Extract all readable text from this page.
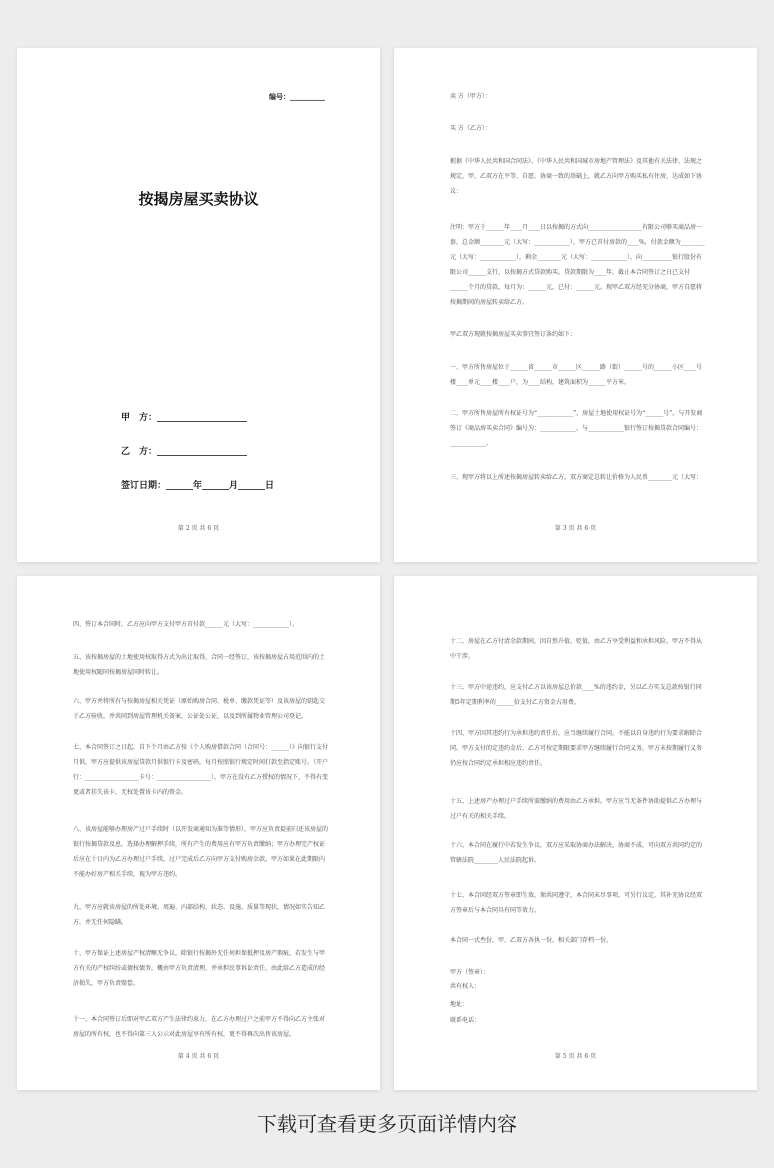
编号：__________
按揭房屋买卖协议
甲　方：____________________
乙　方：____________________
签订日期：______年______月______日
第 2 页 共 6 页
卖 方（甲方）：
买 方（乙方）：
根据《中华人民共和国合同法》、《中华人民共和国城市房地产管理法》及其他有关法律、法规之规定，甲、乙双方在平等、自愿、协商一致的基础上，就乙方向甲方购买私有住房，达成如下协议：
注明：甲方于______年____月____日以按揭的方式向__________________有限公司够买商品房一套，总金额________元（大写：____________），甲方已首付房款的____%，付款金额为________元（大写：____________），剩余________元（大写：____________），向__________银行股份有限公司______支行，以按揭方式贷款购买。贷款期限为____年，截止本合同签订之日已支付______个月的贷款，每月为：______元，已付：______元。现甲乙双方经充分协商，甲方自愿将按揭期间的房屋转卖给乙方。
甲乙双方现就按揭房屋买卖事宜签订条约如下：
一、甲方所售房屋位于______省______市______区______路（街）______号的______小区____号楼____单元____楼____户，为____结构，建筑面积为______平方米。
二、甲方所售房屋所有权证号为“____________”，房屋土地使用权证号为“______号”。与开发商签订《商品房买卖合同》编号为：____________，与____________银行签订按揭贷款合同编号：____________。
三、现甲方将以上所述按揭房屋转卖给乙方，双方商定总转让价格为人民币________元（大写：
第 3 页 共 6 页
四、签订本合同时，乙方应向甲方支付甲方首付款______元（大写：____________）。
五、该按揭房屋的土地使用权取得方式为出让取得，合同一经签订，该按揭房屋占用范围内的土地使用权随同按揭房屋同时转让。
六、甲方并将所有与按揭房屋相关凭证（原始购房合同、税单、缴款凭证等）及该房屋的钥匙交于乙方验收，并共同到房屋管理机关备案，公证处公证，以及到所属物业管理公司登记。
七、本合同签订之日起，自下个月由乙方按《个人购房借款合同（合同号：______）》向银行支付月供，甲方应提供该房屋贷款月供银行卡及密码，每月按照银行规定时间打款至指定账号。（开户行：__________________卡号：__________________），甲方在没有乙方授权的情况下，不得有变更或者挂失该卡，无权处置该卡内的资金。
八、该房屋能够办理房产过户手续时（以开发商通知为准等情形），甲方应负责提前归还该房屋的银行按揭贷款及息，选择办理解押手续，所有产生的费用应有甲方负责缴纳；甲方办理完产权证后应在十日内为乙方办理过户手续，过户完成后乙方向甲方支付购房余款。甲方如果在此期限内不能办好房产相关手续，视为甲方违约。
九、甲方应就该房屋的所处环境、周遍、内部结构、状态、设施、质量等现状，情况如实告知乙方，并无任何隐瞒。
十、甲方保证上述房屋产权清晰无争议，除银行按揭外无任何担保抵押及房产瑕疵，若发生与甲方有关的产权纠纷或债权债务，概由甲方负责清理，并承担民事诉讼责任，由此给乙方造成的经济损失，甲方负责赔偿。
十一、本合同签订后即对甲乙双方产生法律约束力，在乙方办理过户之前甲方不得向乙方主张对房屋的所有权，也不得向第三人公示对此房屋享有所有权，更不得再次出售该房屋。
第 4 页 共 6 页
十二、房屋在乙方付清余款期间，因自然升值，贬值，由乙方享受利益和承担风险，甲方不得从中干涉。
十三、甲方中途违约，应支付乙方以该房屋总价款____%的违约金，另以乙方实支总款按银行同期5年定期利率的______倍支付乙方资金占用费。
十四、甲方因其违约行为承担违约责任后，应当继续履行合同，不能以自身违约行为要求解除合同。甲方支付的定违约金后，乙方可按定期限要求甲方继续履行合同义务，甲方未按期履行义务仍应按合同约定承担相应违约责任。
十五、上述房产办理过户手续所需缴纳的费用由乙方承担。甲方应当无条件协助提供乙方办理与过户有关的相关手续。
十六、本合同在履行中若发生争议，双方应采取协商办法解决。协商不成，可向双方共同约定的管辖法院________人民法院起诉。
十七、本合同经双方签章即生效，须共同遵守，本合同未尽事项，可另行议定，其补充协议经双方签章后与本合同具有同等效力。
本合同一式叁份，甲、乙双方各执一份，相关部门存档一份。
甲方（签章）：
共有权人：
地址：
联系电话：
第 5 页 共 6 页
下载可查看更多页面详情内容
